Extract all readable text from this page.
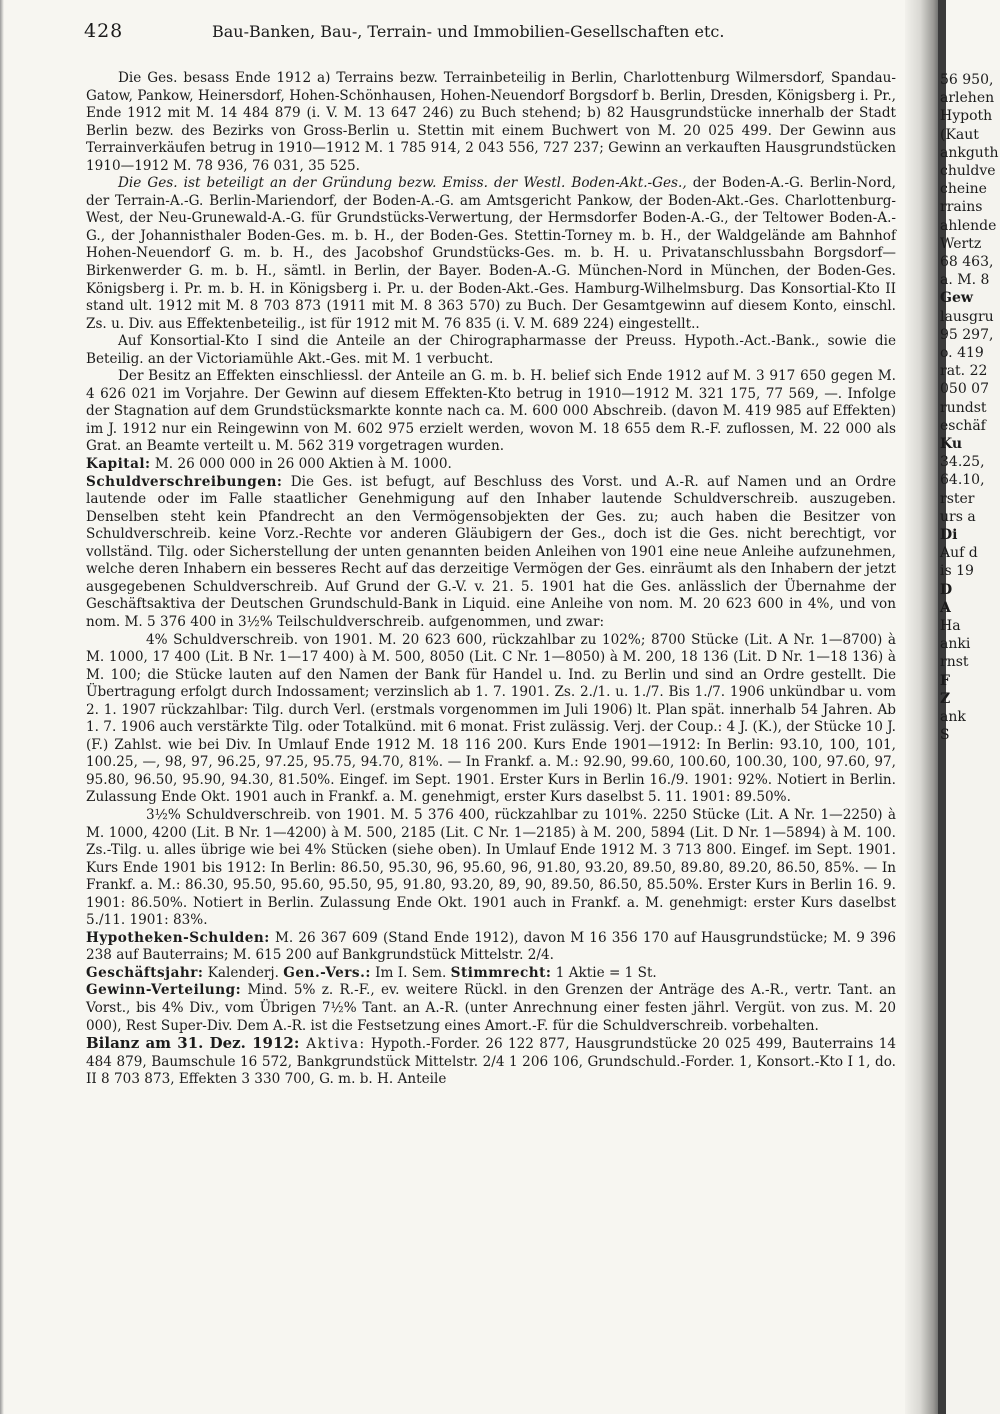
428	Bau-Banken, Bau-, Terrain- und Immobilien-Gesellschaften etc.

Die Ges. besass Ende 1912 a) Terrains bezw. Terrainbeteilig in Berlin, Charlottenburg Wilmersdorf, Spandau-Gatow, Pankow, Heinersdorf, Hohen-Schönhausen, Hohen-Neuendorf Borgsdorf b. Berlin, Dresden, Königsberg i. Pr., Ende 1912 mit M. 14 484 879 (i. V. M. 13 647 246) zu Buch stehend; b) 82 Hausgrundstücke innerhalb der Stadt Berlin bezw. des Bezirks von Gross-Berlin u. Stettin mit einem Buchwert von M. 20 025 499. Der Gewinn aus Terrainverkäufen betrug in 1910—1912 M. 1 785 914, 2 043 556, 727 237; Gewinn an verkauften Hausgrundstücken 1910—1912 M. 78 936, 76 031, 35 525.

Die Ges. ist beteiligt an der Gründung bezw. Emiss. der Westl. Boden-Akt.-Ges., der Boden-A.-G. Berlin-Nord, der Terrain-A.-G. Berlin-Mariendorf, der Boden-A.-G. am Amtsgericht Pankow, der Boden-Akt.-Ges. Charlottenburg-West, der Neu-Grunewald-A.-G. für Grundstücks-Verwertung, der Hermsdorfer Boden-A.-G., der Teltower Boden-A.-G., der Johannisthaler Boden-Ges. m. b. H., der Boden-Ges. Stettin-Torney m. b. H., der Waldgelände am Bahnhof Hohen-Neuendorf G. m. b. H., des Jacobshof Grundstücks-Ges. m. b. H. u. Privatanschlussbahn Borgsdorf—Birkenwerder G. m. b. H., sämtl. in Berlin, der Bayer. Boden-A.-G. München-Nord in München, der Boden-Ges. Königsberg i. Pr. m. b. H. in Königsberg i. Pr. u. der Boden-Akt.-Ges. Hamburg-Wilhelmsburg. Das Konsortial-Kto II stand ult. 1912 mit M. 8 703 873 (1911 mit M. 8 363 570) zu Buch. Der Gesamtgewinn auf diesem Konto, einschl. Zs. u. Div. aus Effektenbeteilig., ist für 1912 mit M. 76 835 (i. V. M. 689 224) eingestellt..

Auf Konsortial-Kto I sind die Anteile an der Chirographarmasse der Preuss. Hypoth.-Act.-Bank., sowie die Beteilig. an der Victoriamühle Akt.-Ges. mit M. 1 verbucht.

Der Besitz an Effekten einschliessl. der Anteile an G. m. b. H. belief sich Ende 1912 auf M. 3 917 650 gegen M. 4 626 021 im Vorjahre. Der Gewinn auf diesem Effekten-Kto betrug in 1910—1912 M. 321 175, 77 569, —. Infolge der Stagnation auf dem Grundstücksmarkte konnte nach ca. M. 600 000 Abschreib. (davon M. 419 985 auf Effekten) im J. 1912 nur ein Reingewinn von M. 602 975 erzielt werden, wovon M. 18 655 dem R.-F. zuflossen, M. 22 000 als Grat. an Beamte verteilt u. M. 562 319 vorgetragen wurden.

Kapital: M. 26 000 000 in 26 000 Aktien à M. 1000.

Schuldverschreibungen: Die Ges. ist befugt, auf Beschluss des Vorst. und A.-R. auf Namen und an Ordre lautende oder im Falle staatlicher Genehmigung auf den Inhaber lautende Schuldverschreib. auszugeben. Denselben steht kein Pfandrecht an den Vermögensobjekten der Ges. zu; auch haben die Besitzer von Schuldverschreib. keine Vorz.-Rechte vor anderen Gläubigern der Ges., doch ist die Ges. nicht berechtigt, vor vollständ. Tilg. oder Sicherstellung der unten genannten beiden Anleihen von 1901 eine neue Anleihe aufzunehmen, welche deren Inhabern ein besseres Recht auf das derzeitige Vermögen der Ges. einräumt als den Inhabern der jetzt ausgegebenen Schuldverschreib. Auf Grund der G.-V. v. 21. 5. 1901 hat die Ges. anlässlich der Übernahme der Geschäftsaktiva der Deutschen Grundschuld-Bank in Liquid. eine Anleihe von nom. M. 20 623 600 in 4%, und von nom. M. 5 376 400 in 3½% Teilschuldverschreib. aufgenommen, und zwar:

4% Schuldverschreib. von 1901. M. 20 623 600, rückzahlbar zu 102%; 8700 Stücke (Lit. A Nr. 1—8700) à M. 1000, 17 400 (Lit. B Nr. 1—17 400) à M. 500, 8050 (Lit. C Nr. 1—8050) à M. 200, 18 136 (Lit. D Nr. 1—18 136) à M. 100; die Stücke lauten auf den Namen der Bank für Handel u. Ind. zu Berlin und sind an Ordre gestellt. Die Übertragung erfolgt durch Indossament; verzinslich ab 1. 7. 1901. Zs. 2./1. u. 1./7. Bis 1./7. 1906 unkündbar u. vom 2. 1. 1907 rückzahlbar: Tilg. durch Verl. (erstmals vorgenommen im Juli 1906) lt. Plan spät. innerhalb 54 Jahren. Ab 1. 7. 1906 auch verstärkte Tilg. oder Totalkünd. mit 6 monat. Frist zulässig. Verj. der Coup.: 4 J. (K.), der Stücke 10 J. (F.) Zahlst. wie bei Div. In Umlauf Ende 1912 M. 18 116 200. Kurs Ende 1901—1912: In Berlin: 93.10, 100, 101, 100.25, —, 98, 97, 96.25, 97.25, 95.75, 94.70, 81%. — In Frankf. a. M.: 92.90, 99.60, 100.60, 100.30, 100, 97.60, 97, 95.80, 96.50, 95.90, 94.30, 81.50%. Eingef. im Sept. 1901. Erster Kurs in Berlin 16./9. 1901: 92%. Notiert in Berlin. Zulassung Ende Okt. 1901 auch in Frankf. a. M. genehmigt, erster Kurs daselbst 5. 11. 1901: 89.50%.

3½% Schuldverschreib. von 1901. M. 5 376 400, rückzahlbar zu 101%. 2250 Stücke (Lit. A Nr. 1—2250) à M. 1000, 4200 (Lit. B Nr. 1—4200) à M. 500, 2185 (Lit. C Nr. 1—2185) à M. 200, 5894 (Lit. D Nr. 1—5894) à M. 100. Zs.-Tilg. u. alles übrige wie bei 4% Stücken (siehe oben). In Umlauf Ende 1912 M. 3 713 800. Eingef. im Sept. 1901. Kurs Ende 1901 bis 1912: In Berlin: 86.50, 95.30, 96, 95.60, 96, 91.80, 93.20, 89.50, 89.80, 89.20, 86.50, 85%. — In Frankf. a. M.: 86.30, 95.50, 95.60, 95.50, 95, 91.80, 93.20, 89, 90, 89.50, 86.50, 85.50%. Erster Kurs in Berlin 16. 9. 1901: 86.50%. Notiert in Berlin. Zulassung Ende Okt. 1901 auch in Frankf. a. M. genehmigt: erster Kurs daselbst 5./11. 1901: 83%.

Hypotheken-Schulden: M. 26 367 609 (Stand Ende 1912), davon M 16 356 170 auf Hausgrundstücke; M. 9 396 238 auf Bauterrains; M. 615 200 auf Bankgrundstück Mittelstr. 2/4.

Geschäftsjahr: Kalenderj. Gen.-Vers.: Im I. Sem. Stimmrecht: 1 Aktie = 1 St.

Gewinn-Verteilung: Mind. 5% z. R.-F., ev. weitere Rückl. in den Grenzen der Anträge des A.-R., vertr. Tant. an Vorst., bis 4% Div., vom Übrigen 7½% Tant. an A.-R. (unter Anrechnung einer festen jährl. Vergüt. von zus. M. 20 000), Rest Super-Div. Dem A.-R. ist die Festsetzung eines Amort.-F. für die Schuldverschreib. vorbehalten.

Bilanz am 31. Dez. 1912: Aktiva: Hypoth.-Forder. 26 122 877, Hausgrundstücke 20 025 499, Bauterrains 14 484 879, Baumschule 16 572, Bankgrundstück Mittelstr. 2/4 1 206 106, Grundschuld.-Forder. 1, Konsort.-Kto I 1, do. II 8 703 873, Effekten 3 330 700, G. m. b. H. Anteile

56 950,
arlehen
Hypoth
(Kaut
ankguth
chuldve
cheine
rrains
ahlende
Wertz
68 463,
a. M. 8
Gew
lausgru
95 297,
o. 419
rat. 22
050 07
rundst
eschäf
Ku
34.25,
64.10,
rster
urs a
Di
Auf d
is 19
D
A
Ha
anki
rnst
F
Z
ank
S
